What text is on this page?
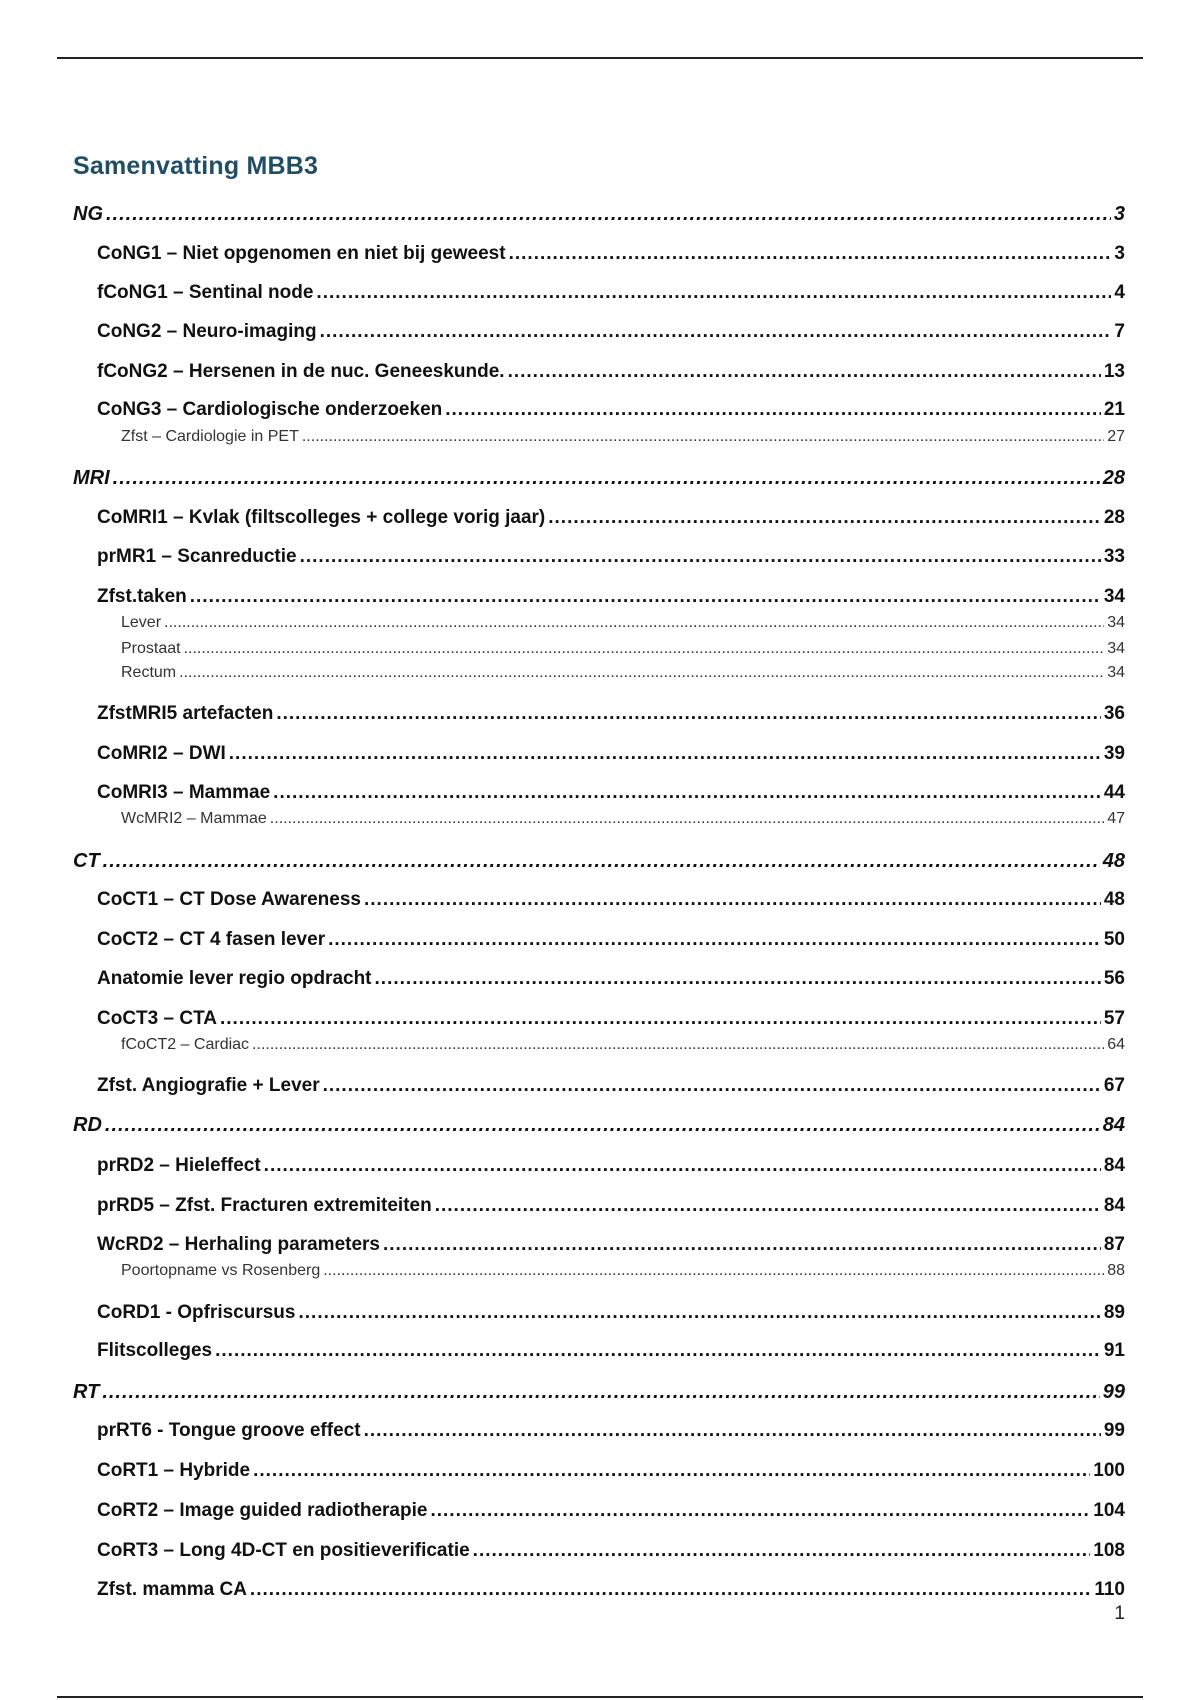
Samenvatting MBB3
NG .....	3
CoNG1 – Niet opgenomen en niet bij geweest .....	3
fCoNG1 – Sentinal node .....	4
CoNG2 – Neuro-imaging .....	7
fCoNG2 – Hersenen in de nuc. Geneeskunde. .....	13
CoNG3 – Cardiologische onderzoeken .....	21
Zfst – Cardiologie in PET .....	27
MRI .....	28
CoMRI1 – Kvlak (filtscolleges + college vorig jaar) .....	28
prMR1 – Scanreductie .....	33
Zfst.taken .....	34
Lever .....	34
Prostaat .....	34
Rectum .....	34
ZfstMRI5 artefacten .....	36
CoMRI2 – DWI .....	39
CoMRI3 – Mammae .....	44
WcMRI2 – Mammae .....	47
CT .....	48
CoCT1 – CT Dose Awareness .....	48
CoCT2 – CT 4 fasen lever .....	50
Anatomie lever regio opdracht .....	56
CoCT3 – CTA .....	57
fCoCT2 – Cardiac .....	64
Zfst. Angiografie + Lever .....	67
RD .....	84
prRD2 – Hieleffect .....	84
prRD5 – Zfst. Fracturen extremiteiten .....	84
WcRD2 – Herhaling parameters .....	87
Poortopname vs Rosenberg .....	88
CoRD1 - Opfriscursus .....	89
Flitscolleges .....	91
RT .....	99
prRT6 - Tongue groove effect .....	99
CoRT1 – Hybride .....	100
CoRT2 – Image guided radiotherapie .....	104
CoRT3 – Long 4D-CT en positieverificatie .....	108
Zfst. mamma CA .....	110
1
